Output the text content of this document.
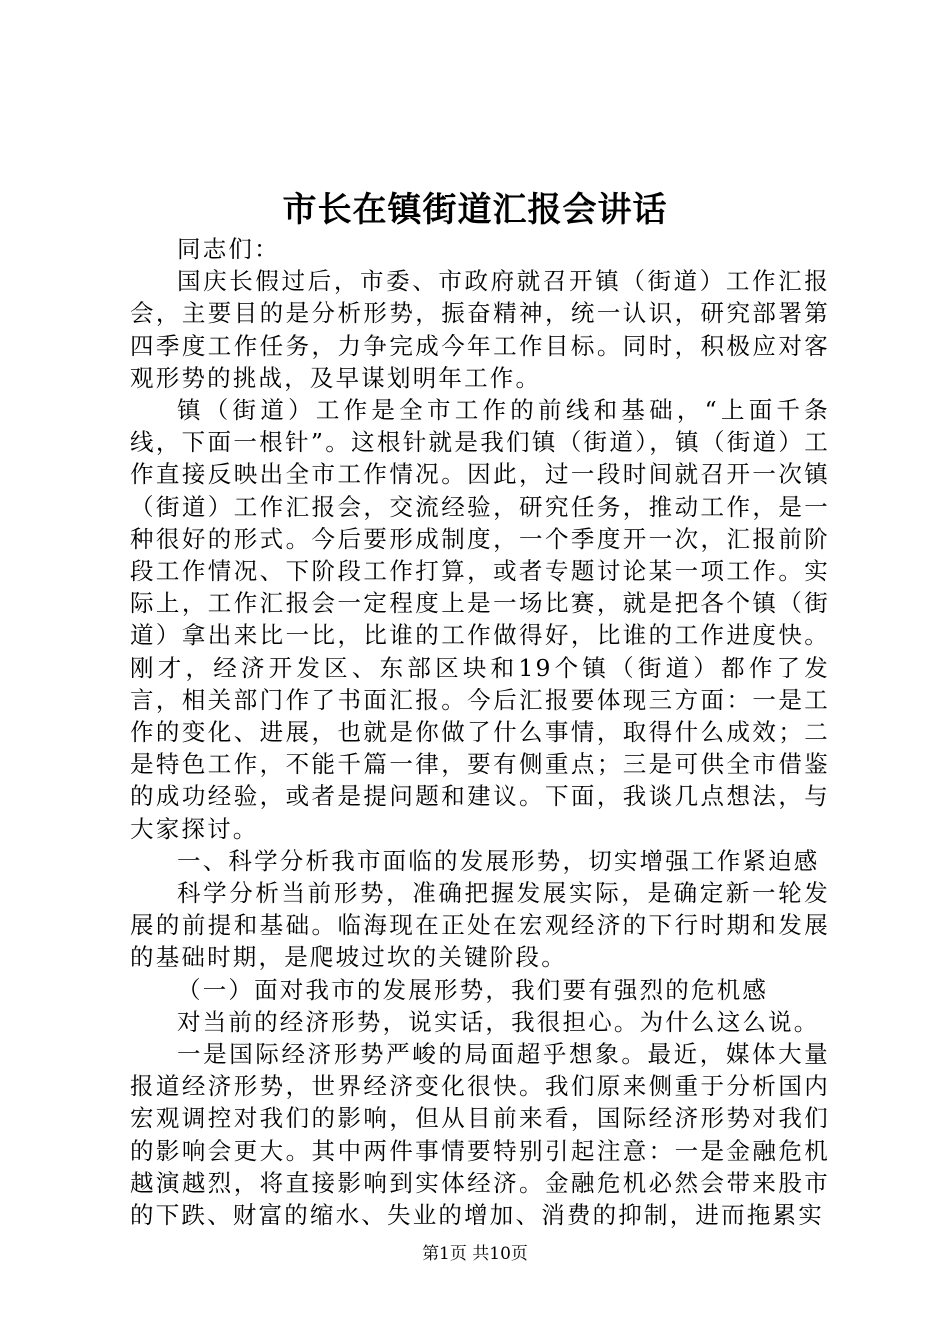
市长在镇街道汇报会讲话

同志们：

国庆长假过后，市委、市政府就召开镇（街道）工作汇报会，主要目的是分析形势，振奋精神，统一认识，研究部署第四季度工作任务，力争完成今年工作目标。同时，积极应对客观形势的挑战，及早谋划明年工作。

镇（街道）工作是全市工作的前线和基础，“上面千条线，下面一根针”。这根针就是我们镇（街道），镇（街道）工作直接反映出全市工作情况。因此，过一段时间就召开一次镇（街道）工作汇报会，交流经验，研究任务，推动工作，是一种很好的形式。今后要形成制度，一个季度开一次，汇报前阶段工作情况、下阶段工作打算，或者专题讨论某一项工作。实际上，工作汇报会一定程度上是一场比赛，就是把各个镇（街道）拿出来比一比，比谁的工作做得好，比谁的工作进度快。刚才，经济开发区、东部区块和19个镇（街道）都作了发言，相关部门作了书面汇报。今后汇报要体现三方面：一是工作的变化、进展，也就是你做了什么事情，取得什么成效；二是特色工作，不能千篇一律，要有侧重点；三是可供全市借鉴的成功经验，或者是提问题和建议。下面，我谈几点想法，与大家探讨。

一、科学分析我市面临的发展形势，切实增强工作紧迫感

科学分析当前形势，准确把握发展实际，是确定新一轮发展的前提和基础。临海现在正处在宏观经济的下行时期和发展的基础时期，是爬坡过坎的关键阶段。

（一）面对我市的发展形势，我们要有强烈的危机感

对当前的经济形势，说实话，我很担心。为什么这么说。

一是国际经济形势严峻的局面超乎想象。最近，媒体大量报道经济形势，世界经济变化很快。我们原来侧重于分析国内宏观调控对我们的影响，但从目前来看，国际经济形势对我们的影响会更大。其中两件事情要特别引起注意：一是金融危机越演越烈，将直接影响到实体经济。金融危机必然会带来股市的下跌、财富的缩水、失业的增加、消费的抑制，进而拖累实

第1页 共10页
